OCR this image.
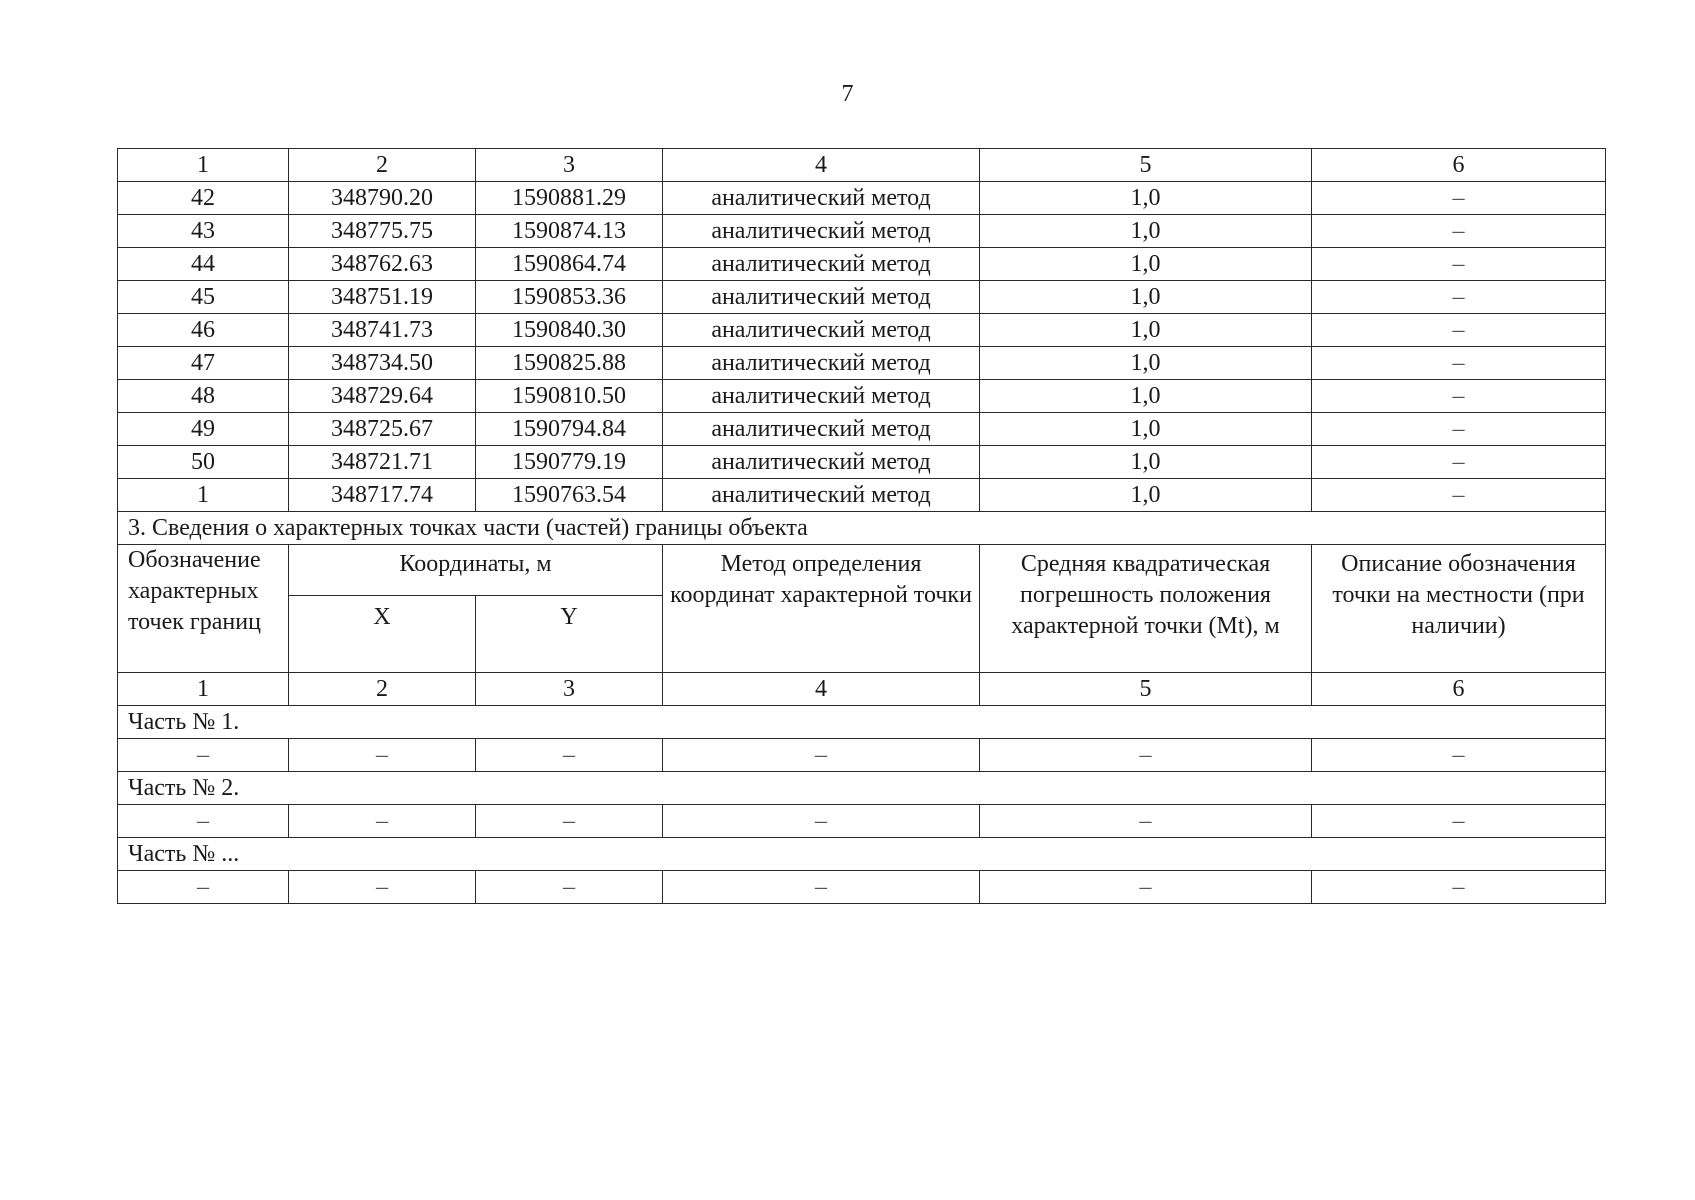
7
1	2	3	4	5	6
42	348790.20	1590881.29	аналитический метод	1,0	–
43	348775.75	1590874.13	аналитический метод	1,0	–
44	348762.63	1590864.74	аналитический метод	1,0	–
45	348751.19	1590853.36	аналитический метод	1,0	–
46	348741.73	1590840.30	аналитический метод	1,0	–
47	348734.50	1590825.88	аналитический метод	1,0	–
48	348729.64	1590810.50	аналитический метод	1,0	–
49	348725.67	1590794.84	аналитический метод	1,0	–
50	348721.71	1590779.19	аналитический метод	1,0	–
1	348717.74	1590763.54	аналитический метод	1,0	–
3. Сведения о характерных точках части (частей) границы объекта					
Обозначение характерных точек границ	Координаты, м		Метод определения координат характерной точки	Средняя квадратическая погрешность положения характерной точки (Mt), м	Описание обозначения точки на местности (при наличии)
	X	Y			
1	2	3	4	5	6
Часть № 1.					
–	–	–	–	–	–
Часть № 2.					
–	–	–	–	–	–
Часть № ...					
–	–	–	–	–	–
